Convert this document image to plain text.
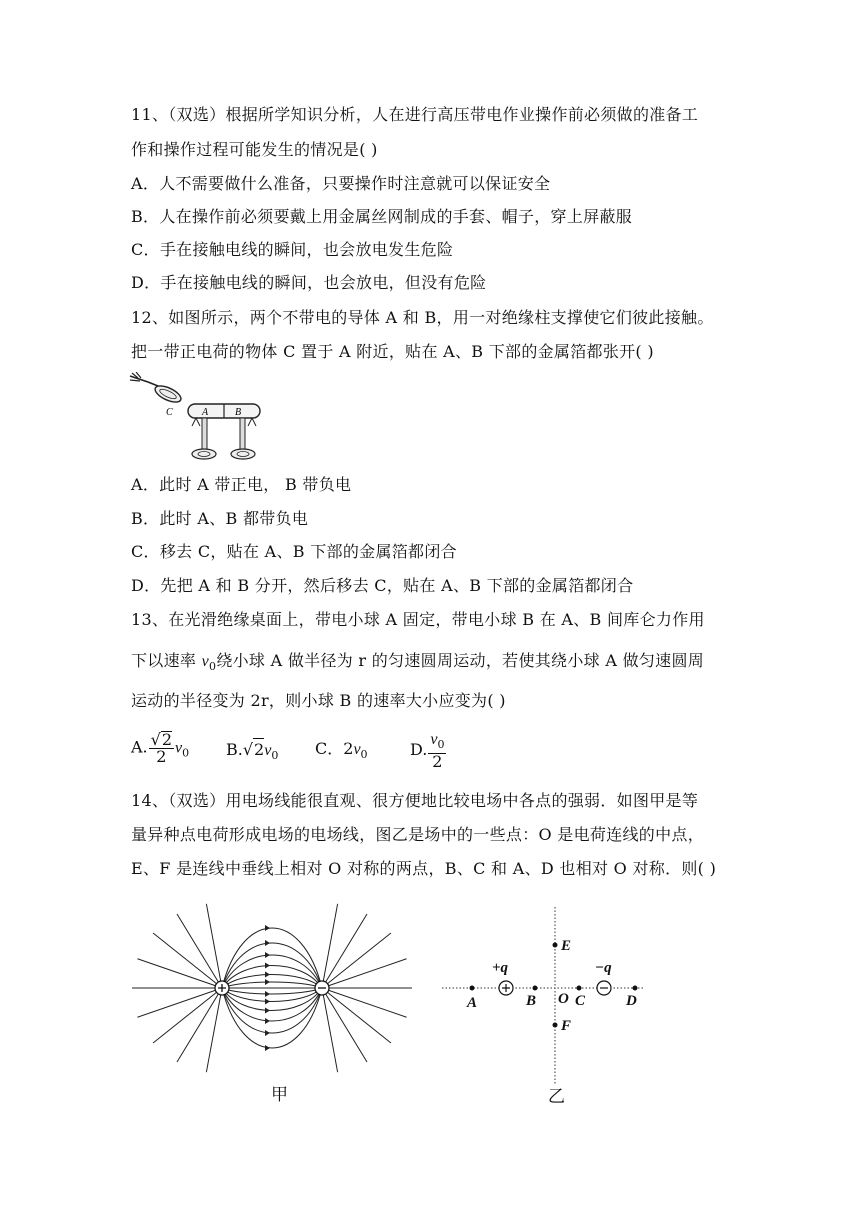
11、（双选）根据所学知识分析，人在进行高压带电作业操作前必须做的准备工
作和操作过程可能发生的情况是( )
A．人不需要做什么准备，只要操作时注意就可以保证安全
B．人在操作前必须要戴上用金属丝网制成的手套、帽子，穿上屏蔽服
C．手在接触电线的瞬间，也会放电发生危险
D．手在接触电线的瞬间，也会放电，但没有危险
12、如图所示，两个不带电的导体 A 和 B，用一对绝缘柱支撑使它们彼此接触。
把一带正电荷的物体 C 置于 A 附近，贴在 A、B 下部的金属箔都张开( )
C	A	B
A．此时 A 带正电， B 带负电
B．此时 A、B 都带负电
C．移去 C，贴在 A、B 下部的金属箔都闭合
D．先把 A 和 B 分开，然后移去 C，贴在 A、B 下部的金属箔都闭合
13、在光滑绝缘桌面上，带电小球 A 固定，带电小球 B 在 A、B 间库仑力作用
下以速率 $v_0$绕小球 A 做半径为 r 的匀速圆周运动，若使其绕小球 A 做匀速圆周
运动的半径变为 2r，则小球 B 的速率大小应变为( )
A. $\frac{√2}{2} v_0$ $B.√2v_0$ C．$2v_0$	D. $\frac{v_0}{2}$
14、（双选）用电场线能很直观、很方便地比较电场中各点的强弱．如图甲是等
量异种点电荷形成电场的电场线，图乙是场中的一些点：O 是电荷连线的中点，
E、F 是连线中垂线上相对 O 对称的两点，B、C 和 A、D 也相对 O 对称．则( )
甲
E
F
A	B O C	D
+q	−q
乙
